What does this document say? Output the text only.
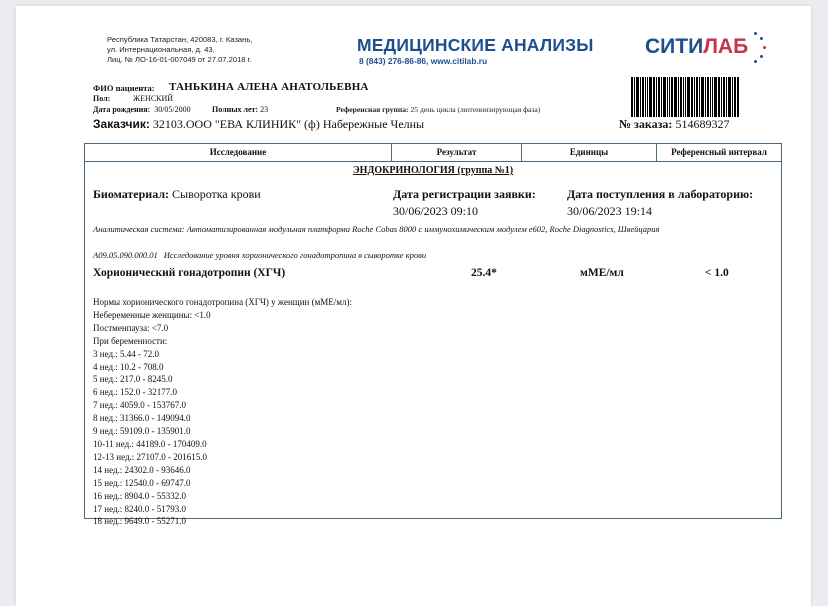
Республика Татарстан, 420083, г. Казань,
ул. Интернациональная, д. 43,
Лиц. № ЛО-16-01-007049 от 27.07.2018 г.
МЕДИЦИНСКИЕ АНАЛИЗЫ
8 (843) 276-86-86, www.citilab.ru
СИТИЛАБ
ФИО пациента: ТАНЬКИНА АЛЕНА АНАТОЛЬЕВНА
Пол:	ЖЕНСКИЙ
Дата рождения: 30/05/2000	Полных лет: 23	Референсная группа: 25 день цикла (лютеинизирующая фаза)
Заказчик: 32103.ООО "ЕВА КЛИНИК" (ф) Набережные Челны	№ заказа: 514689327
Исследование	Результат	Единицы	Референсный интервал
ЭНДОКРИНОЛОГИЯ (группа №1)
Биоматериал: Сыворотка крови	Дата регистрации заявки:
30/06/2023 09:10
Дата поступления в лабораторию:
30/06/2023 19:14
Аналитическая система: Автоматизированная модульная платформа Roche Cobas 8000 с иммунохимическим модулем e602, Roche Diagnostics, Швейцария
A09.05.090.000.01 Исследование уровня хорионического гонадотропина в сыворотке крови
Хорионический гонадотропин (ХГЧ)	25.4*	мМЕ/мл	< 1.0
Нормы хорионического гонадотропина (ХГЧ) у женщин (мМЕ/мл):
Небеременные женщины: <1.0
Постменпауза: <7.0
При беременности:
3 нед.: 5.44 - 72.0
4 нед.: 10.2 - 708.0
5 нед.: 217.0 - 8245.0
6 нед.: 152.0 - 32177.0
7 нед.: 4059.0 - 153767.0
8 нед.: 31366.0 - 149094.0
9 нед.: 59109.0 - 135901.0
10-11 нед.: 44189.0 - 170409.0
12-13 нед.: 27107.0 - 201615.0
14 нед.: 24302.0 - 93646.0
15 нед.: 12540.0 - 69747.0
16 нед.: 8904.0 - 55332.0
17 нед.: 8240.0 - 51793.0
18 нед.: 9649.0 - 55271.0
